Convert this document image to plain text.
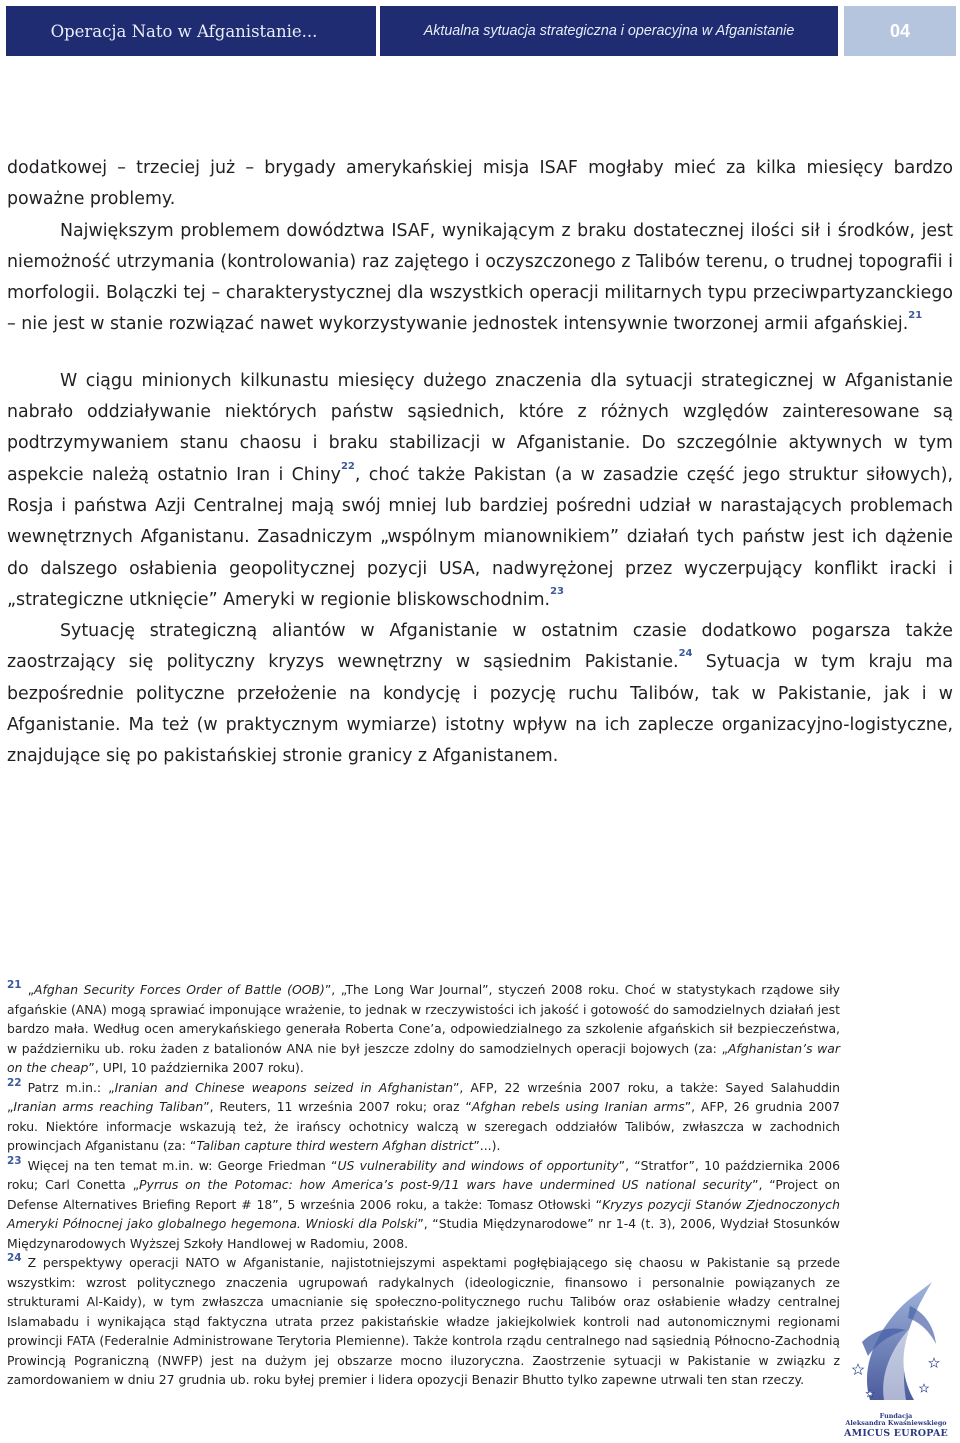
Operacja Nato w Afganistanie...	Aktualna sytuacja strategiczna i operacyjna w Afganistanie	04

dodatkowej – trzeciej już – brygady amerykańskiej misja ISAF mogłaby mieć za kilka miesięcy bardzo poważne problemy.

Największym problemem dowództwa ISAF, wynikającym z braku dostatecznej ilości sił i środków, jest niemożność utrzymania (kontrolowania) raz zajętego i oczyszczonego z Talibów terenu, o trudnej topografii i morfologii. Bolączki tej – charakterystycznej dla wszystkich operacji militarnych typu przeciwpartyzanckiego – nie jest w stanie rozwiązać nawet wykorzystywanie jednostek intensywnie tworzonej armii afgańskiej.$^{21}$

W ciągu minionych kilkunastu miesięcy dużego znaczenia dla sytuacji strategicznej w Afganistanie nabrało oddziaływanie niektórych państw sąsiednich, które z różnych względów zainteresowane są podtrzymywaniem stanu chaosu i braku stabilizacji w Afganistanie. Do szczególnie aktywnych w tym aspekcie należą ostatnio Iran i Chiny$^{22}$, choć także Pakistan (a w zasadzie część jego struktur siłowych), Rosja i państwa Azji Centralnej mają swój mniej lub bardziej pośredni udział w narastających problemach wewnętrznych Afganistanu. Zasadniczym „wspólnym mianownikiem” działań tych państw jest ich dążenie do dalszego osłabienia geopolitycznej pozycji USA, nadwyrężonej przez wyczerpujący konflikt iracki i „strategiczne utknięcie” Ameryki w regionie bliskowschodnim.$^{23}$

Sytuację strategiczną aliantów w Afganistanie w ostatnim czasie dodatkowo pogarsza także zaostrzający się polityczny kryzys wewnętrzny w sąsiednim Pakistanie.$^{24}$ Sytuacja w tym kraju ma bezpośrednie polityczne przełożenie na kondycję i pozycję ruchu Talibów, tak w Pakistanie, jak i w Afganistanie. Ma też (w praktycznym wymiarze) istotny wpływ na ich zaplecze organizacyjno-logistyczne, znajdujące się po pakistańskiej stronie granicy z Afganistanem.

21 „Afghan Security Forces Order of Battle (OOB)”, „The Long War Journal”, styczeń 2008 roku. Choć w statystykach rządowe siły afgańskie (ANA) mogą sprawiać imponujące wrażenie, to jednak w rzeczywistości ich jakość i gotowość do samodzielnych działań jest bardzo mała. Według ocen amerykańskiego generała Roberta Cone’a, odpowiedzialnego za szkolenie afgańskich sił bezpieczeństwa, w październiku ub. roku żaden z batalionów ANA nie był jeszcze zdolny do samodzielnych operacji bojowych (za: „Afghanistan’s war on the cheap”, UPI, 10 października 2007 roku).

22 Patrz m.in.: „Iranian and Chinese weapons seized in Afghanistan”, AFP, 22 września 2007 roku, a także: Sayed Salahuddin „Iranian arms reaching Taliban”, Reuters, 11 września 2007 roku; oraz “Afghan rebels using Iranian arms”, AFP, 26 grudnia 2007 roku. Niektóre informacje wskazują też, że irańscy ochotnicy walczą w szeregach oddziałów Talibów, zwłaszcza w zachodnich prowincjach Afganistanu (za: “Taliban capture third western Afghan district”...).

23 Więcej na ten temat m.in. w: George Friedman “US vulnerability and windows of opportunity”, “Stratfor”, 10 października 2006 roku; Carl Conetta „Pyrrus on the Potomac: how America’s post-9/11 wars have undermined US national security”, “Project on Defense Alternatives Briefing Report # 18”, 5 września 2006 roku, a także: Tomasz Otłowski “Kryzys pozycji Stanów Zjednoczonych Ameryki Północnej jako globalnego hegemona. Wnioski dla Polski”, “Studia Międzynarodowe” nr 1-4 (t. 3), 2006, Wydział Stosunków Międzynarodowych Wyższej Szkoły Handlowej w Radomiu, 2008.

24 Z perspektywy operacji NATO w Afganistanie, najistotniejszymi aspektami pogłębiającego się chaosu w Pakistanie są przede wszystkim: wzrost politycznego znaczenia ugrupowań radykalnych (ideologicznie, finansowo i personalnie powiązanych ze strukturami Al-Kaidy), w tym zwłaszcza umacnianie się społeczno-politycznego ruchu Talibów oraz osłabienie władzy centralnej Islamabadu i wynikająca stąd faktyczna utrata przez pakistańskie władze jakiejkolwiek kontroli nad autonomicznymi regionami prowincji FATA (Federalnie Administrowane Terytoria Plemienne). Także kontrola rządu centralnego nad sąsiednią Północno-Zachodnią Prowincją Pograniczną (NWFP) jest na dużym jej obszarze mocno iluzoryczna. Zaostrzenie sytuacji w Pakistanie w związku z zamordowaniem w dniu 27 grudnia ub. roku byłej premier i lidera opozycji Benazir Bhutto tylko zapewne utrwali ten stan rzeczy.

Fundacja
Aleksandra Kwaśniewskiego
AMICUS EUROPAE
